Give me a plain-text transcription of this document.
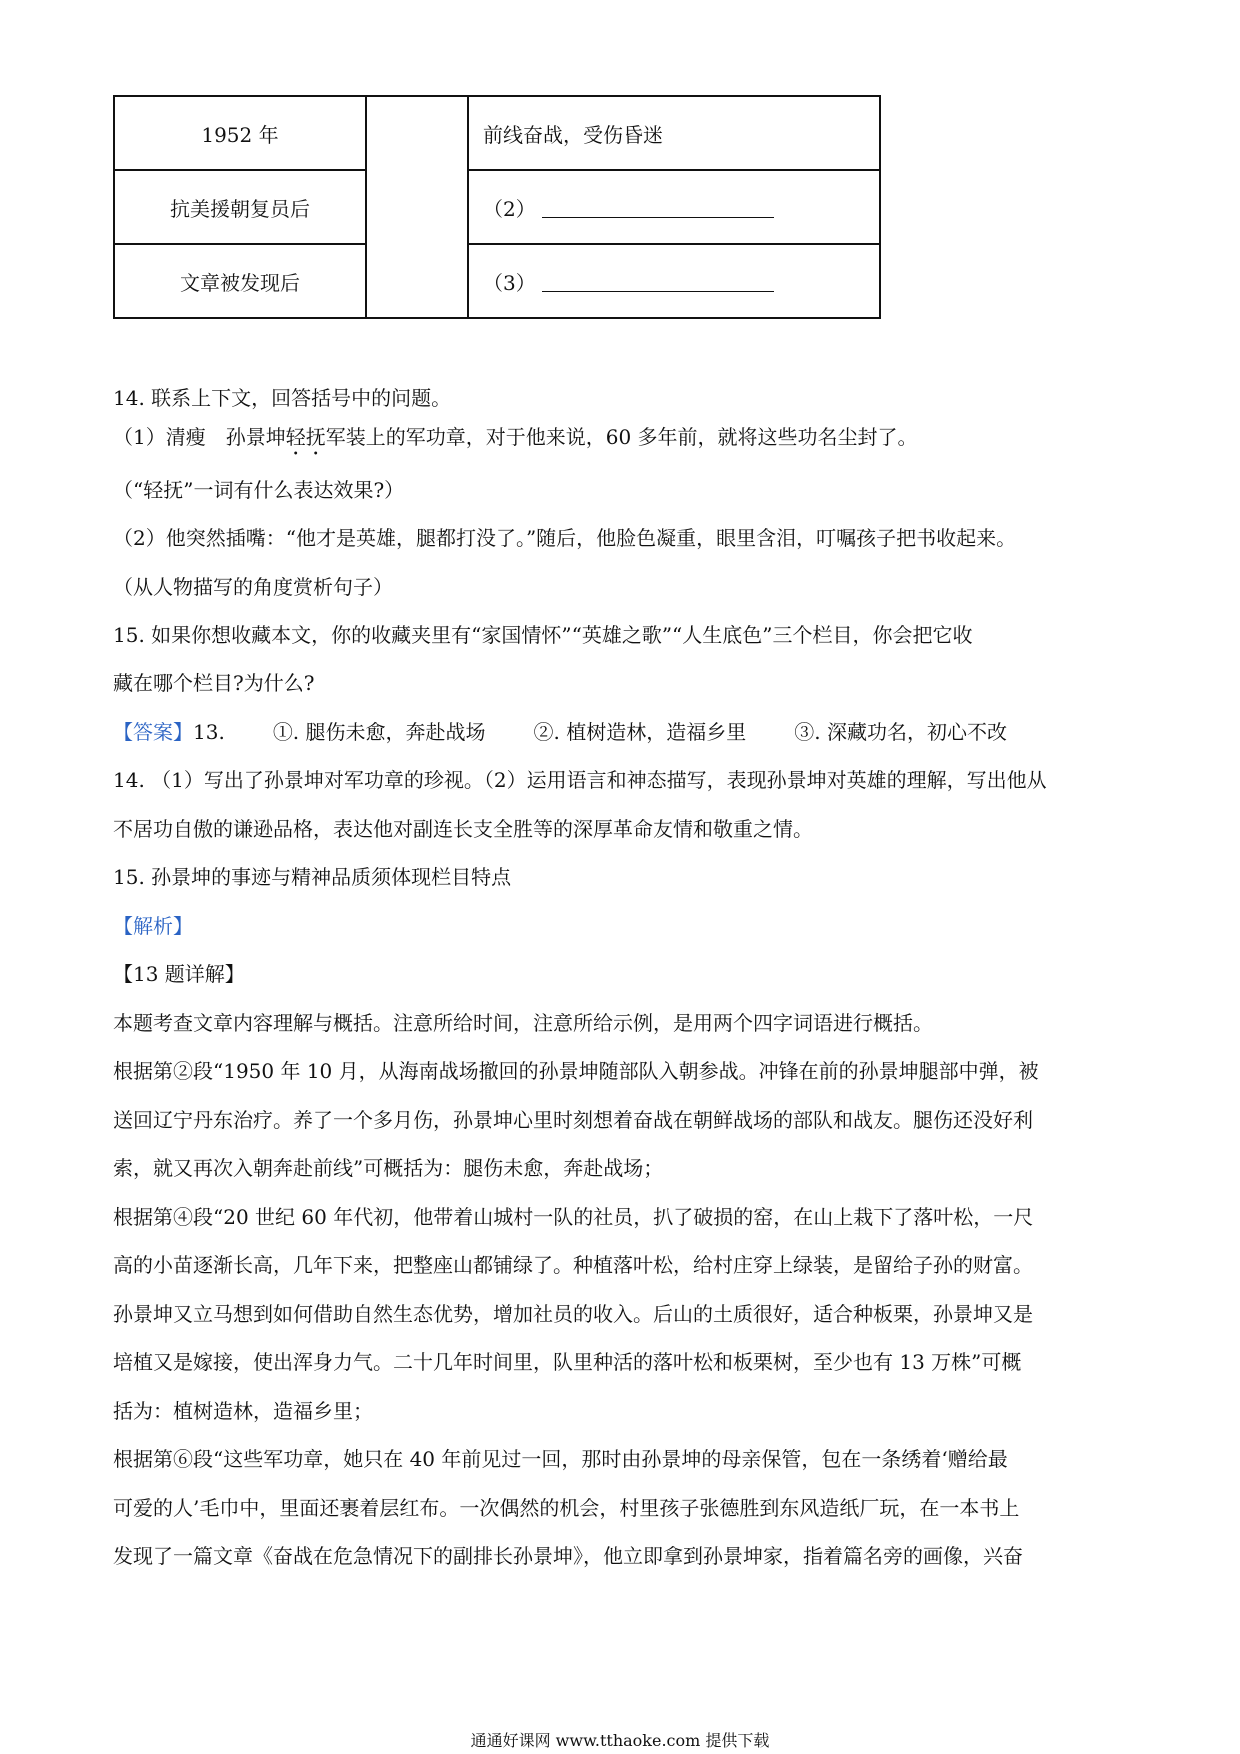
1952 年		前线奋战，受伤昏迷
抗美援朝复员后		（2）
文章被发现后		（3）
14. 联系上下文，回答括号中的问题。
（1）清瘦　孙景坤轻抚军装上的军功章，对于他来说，60 多年前，就将这些功名尘封了。
（“轻抚”一词有什么表达效果?）
（2）他突然插嘴：“他才是英雄，腿都打没了。”随后，他脸色凝重，眼里含泪，叮嘱孩子把书收起来。
（从人物描写的角度赏析句子）
15. 如果你想收藏本文，你的收藏夹里有“家国情怀”“英雄之歌”“人生底色”三个栏目，你会把它收
藏在哪个栏目?为什么?
【答案】13. ①. 腿伤未愈，奔赴战场 ②. 植树造林，造福乡里 ③. 深藏功名，初心不改
14. （1）写出了孙景坤对军功章的珍视。（2）运用语言和神态描写，表现孙景坤对英雄的理解，写出他从
不居功自傲的谦逊品格，表达他对副连长支全胜等的深厚革命友情和敬重之情。
15. 孙景坤的事迹与精神品质须体现栏目特点
【解析】
【13 题详解】
本题考查文章内容理解与概括。注意所给时间，注意所给示例，是用两个四字词语进行概括。
根据第②段“1950 年 10 月，从海南战场撤回的孙景坤随部队入朝参战。冲锋在前的孙景坤腿部中弹，被
送回辽宁丹东治疗。养了一个多月伤，孙景坤心里时刻想着奋战在朝鲜战场的部队和战友。腿伤还没好利
索，就又再次入朝奔赴前线”可概括为：腿伤未愈，奔赴战场；
根据第④段“20 世纪 60 年代初，他带着山城村一队的社员，扒了破损的窑，在山上栽下了落叶松，一尺
高的小苗逐渐长高，几年下来，把整座山都铺绿了。种植落叶松，给村庄穿上绿装，是留给子孙的财富。
孙景坤又立马想到如何借助自然生态优势，增加社员的收入。后山的土质很好，适合种板栗，孙景坤又是
培植又是嫁接，使出浑身力气。二十几年时间里，队里种活的落叶松和板栗树，至少也有 13 万株”可概
括为：植树造林，造福乡里；
根据第⑥段“这些军功章，她只在 40 年前见过一回，那时由孙景坤的母亲保管，包在一条绣着‘赠给最
可爱的人’毛巾中，里面还裹着层红布。一次偶然的机会，村里孩子张德胜到东风造纸厂玩，在一本书上
发现了一篇文章《奋战在危急情况下的副排长孙景坤》，他立即拿到孙景坤家，指着篇名旁的画像，兴奋
通通好课网 www.tthaoke.com 提供下载
